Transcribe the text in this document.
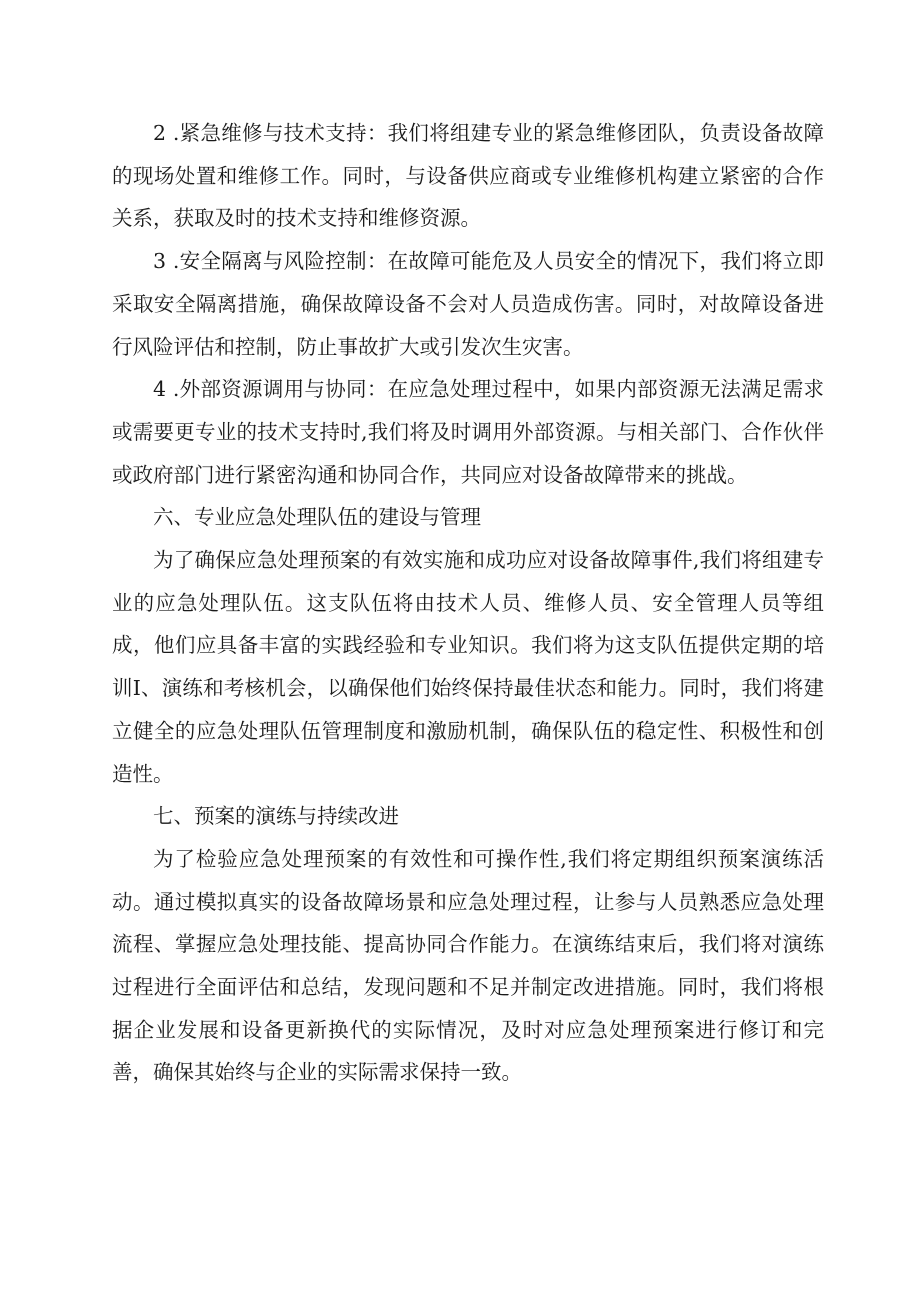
2 .紧急维修与技术支持：我们将组建专业的紧急维修团队，负责设备故障的现场处置和维修工作。同时，与设备供应商或专业维修机构建立紧密的合作关系，获取及时的技术支持和维修资源。

3 .安全隔离与风险控制：在故障可能危及人员安全的情况下，我们将立即采取安全隔离措施，确保故障设备不会对人员造成伤害。同时，对故障设备进行风险评估和控制，防止事故扩大或引发次生灾害。

4 .外部资源调用与协同：在应急处理过程中，如果内部资源无法满足需求或需要更专业的技术支持时,我们将及时调用外部资源。与相关部门、合作伙伴或政府部门进行紧密沟通和协同合作，共同应对设备故障带来的挑战。

六、专业应急处理队伍的建设与管理

为了确保应急处理预案的有效实施和成功应对设备故障事件,我们将组建专业的应急处理队伍。这支队伍将由技术人员、维修人员、安全管理人员等组成，他们应具备丰富的实践经验和专业知识。我们将为这支队伍提供定期的培训I、演练和考核机会，以确保他们始终保持最佳状态和能力。同时，我们将建立健全的应急处理队伍管理制度和激励机制，确保队伍的稳定性、积极性和创造性。

七、预案的演练与持续改进

为了检验应急处理预案的有效性和可操作性,我们将定期组织预案演练活动。通过模拟真实的设备故障场景和应急处理过程，让参与人员熟悉应急处理流程、掌握应急处理技能、提高协同合作能力。在演练结束后，我们将对演练过程进行全面评估和总结，发现问题和不足并制定改进措施。同时，我们将根据企业发展和设备更新换代的实际情况，及时对应急处理预案进行修订和完善，确保其始终与企业的实际需求保持一致。
